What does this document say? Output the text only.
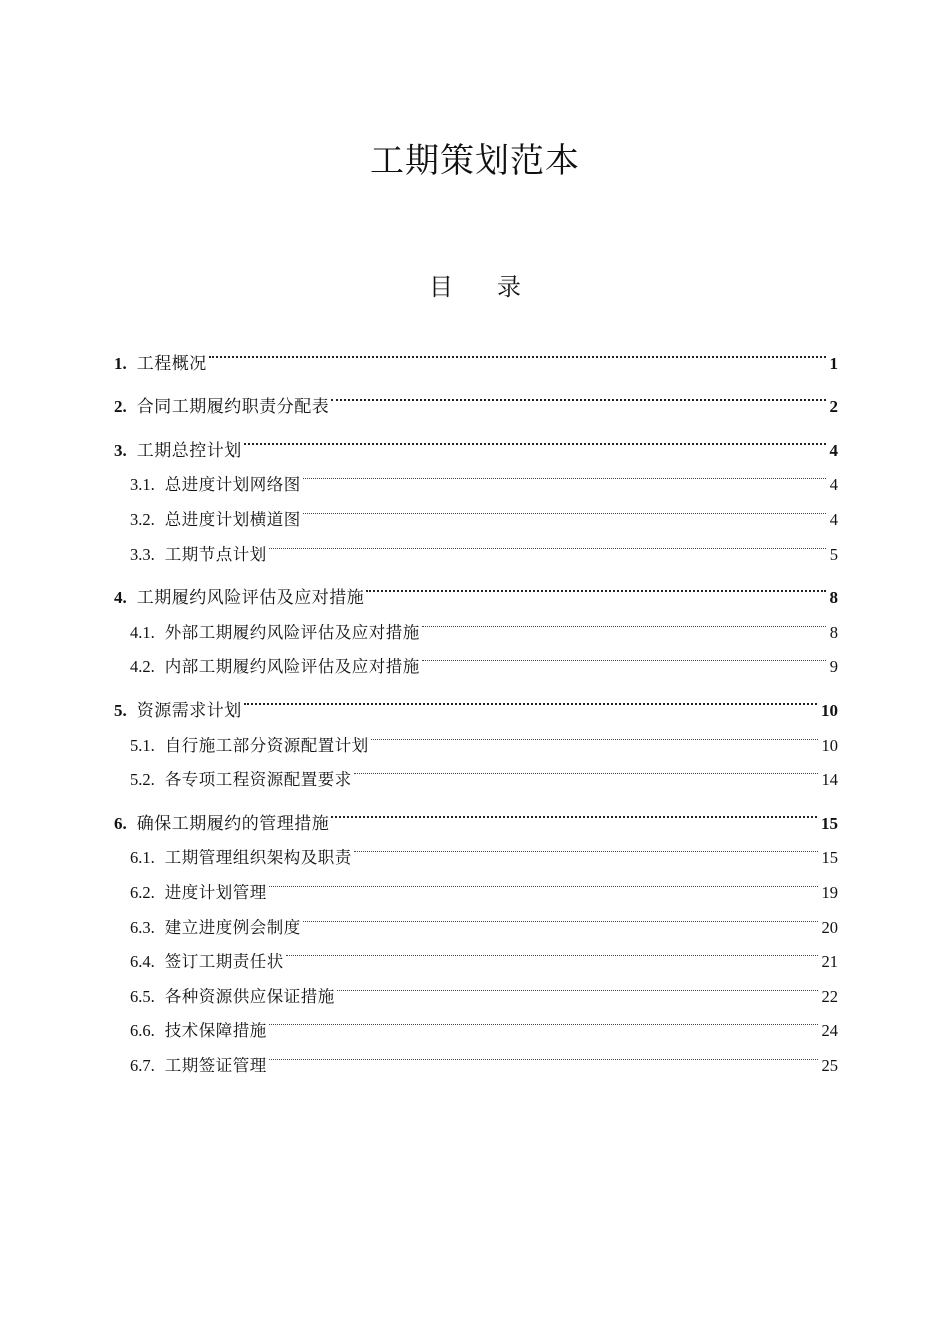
工期策划范本
目 录
1. 工程概况	1
2. 合同工期履约职责分配表	2
3. 工期总控计划	4
3.1. 总进度计划网络图	4
3.2. 总进度计划横道图	4
3.3. 工期节点计划	5
4. 工期履约风险评估及应对措施	8
4.1. 外部工期履约风险评估及应对措施	8
4.2. 内部工期履约风险评估及应对措施	9
5. 资源需求计划	10
5.1. 自行施工部分资源配置计划	10
5.2. 各专项工程资源配置要求	14
6. 确保工期履约的管理措施	15
6.1. 工期管理组织架构及职责	15
6.2. 进度计划管理	19
6.3. 建立进度例会制度	20
6.4. 签订工期责任状	21
6.5. 各种资源供应保证措施	22
6.6. 技术保障措施	24
6.7. 工期签证管理	25
